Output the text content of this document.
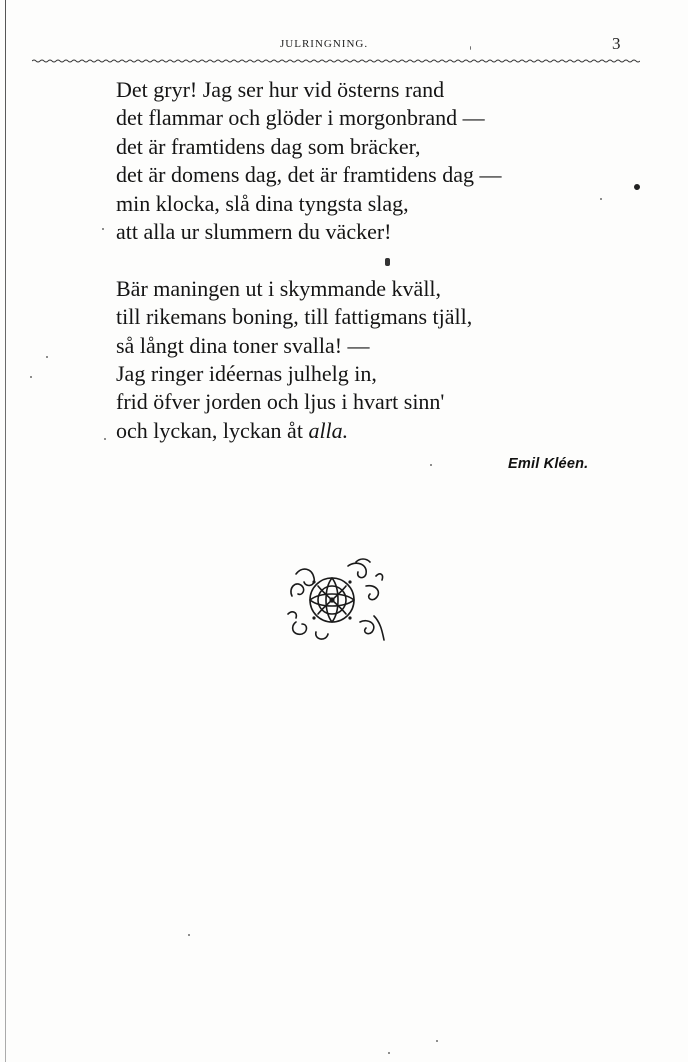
JULRINGNING.	3
Det gryr! Jag ser hur vid österns rand
det flammar och glöder i morgonbrand —
det är framtidens dag som bräcker,
det är domens dag, det är framtidens dag —
min klocka, slå dina tyngsta slag,
att alla ur slummern du väcker!
Bär maningen ut i skymmande kväll,
till rikemans boning, till fattigmans tjäll,
så långt dina toner svalla! —
Jag ringer idéernas julhelg in,
frid öfver jorden och ljus i hvart sinn'
och lyckan, lyckan åt alla.
Emil Kléen.
